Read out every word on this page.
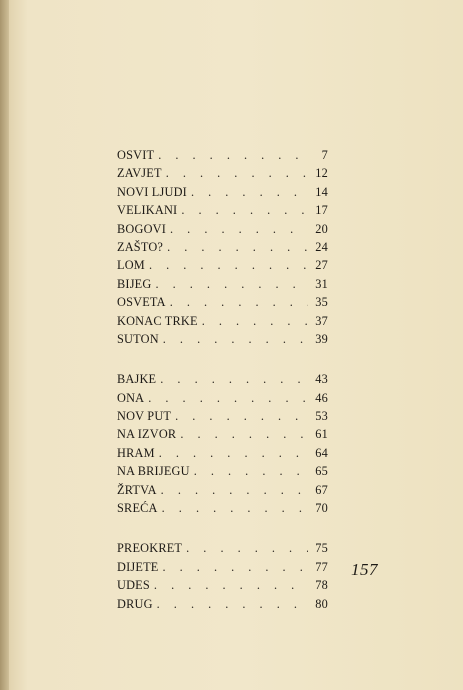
OSVIT . . .	7
ZAVJET . . .	12
NOVI LJUDI . . .	14
VELIKANI . . .	17
BOGOVI . . .	20
ZAŠTO? . . .	24
LOM . . .	27
BIJEG . . .	31
OSVETA . . .	35
KONAC TRKE . . .	37
SUTON . . .	39
BAJKE . . .	43
ONA . . .	46
NOV PUT . . .	53
NA IZVOR . . .	61
HRAM . . .	64
NA BRIJEGU . . .	65
ŽRTVA . . .	67
SREĆA . . .	70
PREOKRET . . .	75
DIJETE . . .	77
UDES . . .	78
DRUG . . .	80
157
